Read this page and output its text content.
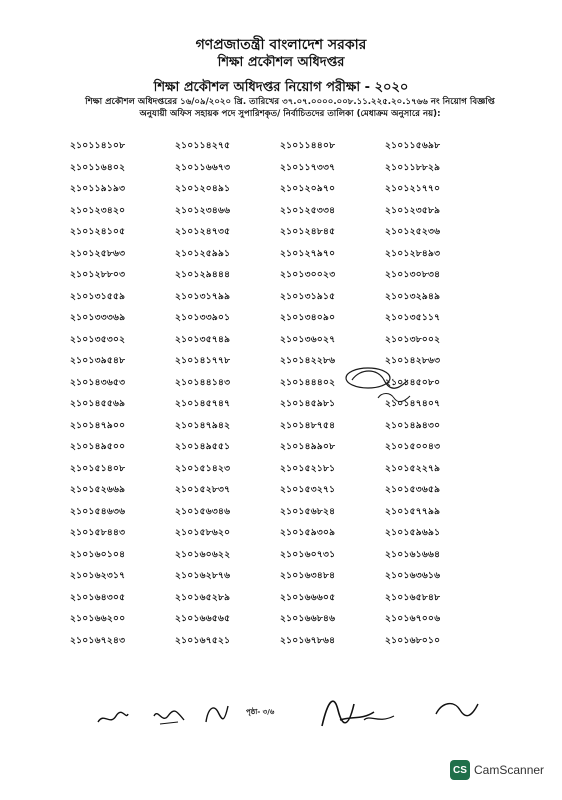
গণপ্রজাতন্ত্রী বাংলাদেশ সরকার
শিক্ষা প্রকৌশল অধিদপ্তর
শিক্ষা প্রকৌশল অধিদপ্তর নিয়োগ পরীক্ষা - ২০২০
শিক্ষা প্রকৌশল অধিদপ্তরের ১৬/০৯/২০২০ খ্রি. তারিখের ৩৭.০৭.০০০০.০০৮.১১.২২৫.২০.১৭৬৬ নং নিয়োগ বিজ্ঞপ্তি
অনুযায়ী অফিস সহায়ক পদে সুপারিশকৃত/ নির্বাচিতদের তালিকা (মেধাক্রম অনুসারে নয়):
২১০১১৪১০৮	২১০১১৪২৭৫	২১০১১৪৪০৮	২১০১১৫৬৯৮
২১০১১৬৪০২	২১০১১৬৬৭৩	২১০১১৭৩৩৭	২১০১১৮৮২৯
২১০১১৯১৯৩	২১০১২০৪৯১	২১০১২০৯৭০	২১০১২১৭৭০
২১০১২৩৪২০	২১০১২৩৪৬৬	২১০১২৫৩৩৪	২১০১২৩৫৮৯
২১০১২৪১০৫	২১০১২৪৭৩৫	২১০১২৪৮৪৫	২১০১২৫২৩৬
২১০১২৫৮৬৩	২১০১২৫৯৯১	২১০১২৭৯৭০	২১০১২৮৪৯৩
২১০১২৮৮০৩	২১০১২৯৪৪৪	২১০১৩০০২৩	২১০১৩০৮৩৪
২১০১৩১৫৫৯	২১০১৩১৭৯৯	২১০১৩১৯১৫	২১০১৩২৯৪৯
২১০১৩৩৩৬৯	২১০১৩৩৯০১	২১০১৩৪০৯০	২১০১৩৫১১৭
২১০১৩৫৩০২	২১০১৩৫৭৪৯	২১০১৩৬০২৭	২১০১৩৮০০২
২১০১৩৯৫৪৮	২১০১৪১৭৭৮	২১০১৪২২৮৬	২১০১৪২৮৬৩
২১০১৪৩৬৫৩	২১০১৪৪১৪৩	২১০১৪৪৪০২	২১০১৪৫০৮০
২১০১৪৫৫৬৯	২১০১৪৫৭৪৭	২১০১৪৫৯৮১	২১০১৪৭৪০৭
২১০১৪৭৯০০	২১০১৪৭৯৪২	২১০১৪৮৭৫৪	২১০১৪৯৪৩০
২১০১৪৯৫০০	২১০১৪৯৫৫১	২১০১৪৯৯০৮	২১০১৫০০৪৩
২১০১৫১৪০৮	২১০১৫১৪২৩	২১০১৫২১৮১	২১০১৫২২৭৯
২১০১৫২৬৬৯	২১০১৫২৮৩৭	২১০১৫৩২৭১	২১০১৫৩৬৫৯
২১০১৫৪৬৩৬	২১০১৫৬৩৪৬	২১০১৫৬৮২৪	২১০১৫৭৭৯৯
২১০১৫৮৪৪৩	২১০১৫৮৬২০	২১০১৫৯৩০৯	২১০১৫৯৬৯১
২১০১৬০১০৪	২১০১৬০৬২২	২১০১৬০৭৩১	২১০১৬১৬৬৪
২১০১৬২৩১৭	২১০১৬২৮৭৬	২১০১৬৩৪৮৪	২১০১৬৩৬১৬
২১০১৬৪৩০৫	২১০১৬৫২৮৯	২১০১৬৬৬০৫	২১০১৬৫৮৪৮
২১০১৬৬২০০	২১০১৬৬৫৬৫	২১০১৬৬৮৪৬	২১০১৬৭০০৬
২১০১৬৭২৪৩	২১০১৬৭৫২১	২১০১৬৭৮৬৪	২১০১৬৮০১০
পৃষ্ঠা- ৩/৬
CS CamScanner
